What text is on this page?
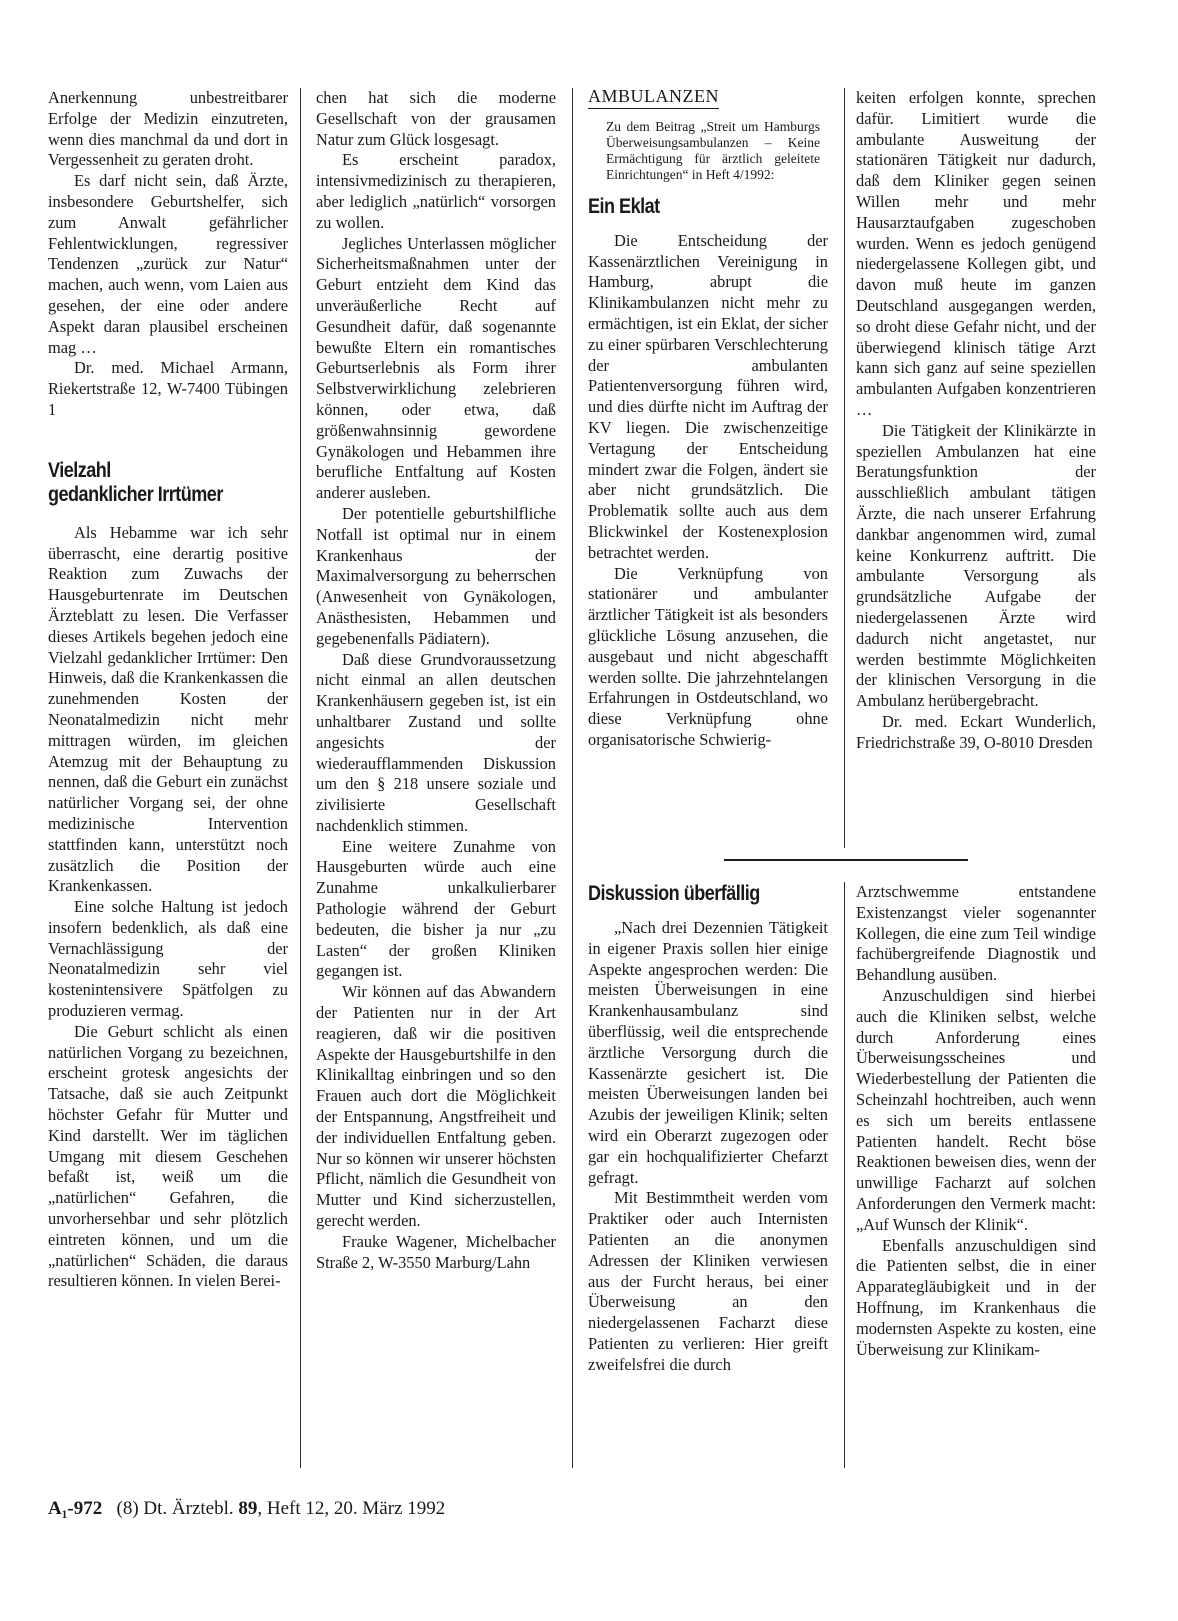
Anerkennung unbestreitbarer Erfolge der Medizin einzutreten, wenn dies manchmal da und dort in Vergessenheit zu geraten droht.

Es darf nicht sein, daß Ärzte, insbesondere Geburtshelfer, sich zum Anwalt gefährlicher Fehlentwicklungen, regressiver Tendenzen „zurück zur Natur“ machen, auch wenn, vom Laien aus gesehen, der eine oder andere Aspekt daran plausibel erscheinen mag …

Dr. med. Michael Armann, Riekertstraße 12, W-7400 Tübingen 1

Vielzahl
gedanklicher Irrtümer

Als Hebamme war ich sehr überrascht, eine derartig positive Reaktion zum Zuwachs der Hausgeburtenrate im Deutschen Ärzteblatt zu lesen. Die Verfasser dieses Artikels begehen jedoch eine Vielzahl gedanklicher Irrtümer: Den Hinweis, daß die Krankenkassen die zunehmenden Kosten der Neonatalmedizin nicht mehr mittragen würden, im gleichen Atemzug mit der Behauptung zu nennen, daß die Geburt ein zunächst natürlicher Vorgang sei, der ohne medizinische Intervention stattfinden kann, unterstützt noch zusätzlich die Position der Krankenkassen.

Eine solche Haltung ist jedoch insofern bedenklich, als daß eine Vernachlässigung der Neonatalmedizin sehr viel kostenintensivere Spätfolgen zu produzieren vermag.

Die Geburt schlicht als einen natürlichen Vorgang zu bezeichnen, erscheint grotesk angesichts der Tatsache, daß sie auch Zeitpunkt höchster Gefahr für Mutter und Kind darstellt. Wer im täglichen Umgang mit diesem Geschehen befaßt ist, weiß um die „natürlichen“ Gefahren, die unvorhersehbar und sehr plötzlich eintreten können, und um die „natürlichen“ Schäden, die daraus resultieren können. In vielen Berei-

chen hat sich die moderne Gesellschaft von der grausamen Natur zum Glück losgesagt.

Es erscheint paradox, intensivmedizinisch zu therapieren, aber lediglich „natürlich“ vorsorgen zu wollen.

Jegliches Unterlassen möglicher Sicherheitsmaßnahmen unter der Geburt entzieht dem Kind das unveräußerliche Recht auf Gesundheit dafür, daß sogenannte bewußte Eltern ein romantisches Geburtserlebnis als Form ihrer Selbstverwirklichung zelebrieren können, oder etwa, daß größenwahnsinnig gewordene Gynäkologen und Hebammen ihre berufliche Entfaltung auf Kosten anderer ausleben.

Der potentielle geburtshilfliche Notfall ist optimal nur in einem Krankenhaus der Maximalversorgung zu beherrschen (Anwesenheit von Gynäkologen, Anästhesisten, Hebammen und gegebenenfalls Pädiatern).

Daß diese Grundvoraussetzung nicht einmal an allen deutschen Krankenhäusern gegeben ist, ist ein unhaltbarer Zustand und sollte angesichts der wiederaufflammenden Diskussion um den § 218 unsere soziale und zivilisierte Gesellschaft nachdenklich stimmen.

Eine weitere Zunahme von Hausgeburten würde auch eine Zunahme unkalkulierbarer Pathologie während der Geburt bedeuten, die bisher ja nur „zu Lasten“ der großen Kliniken gegangen ist.

Wir können auf das Abwandern der Patienten nur in der Art reagieren, daß wir die positiven Aspekte der Hausgeburtshilfe in den Klinikalltag einbringen und so den Frauen auch dort die Möglichkeit der Entspannung, Angstfreiheit und der individuellen Entfaltung geben. Nur so können wir unserer höchsten Pflicht, nämlich die Gesundheit von Mutter und Kind sicherzustellen, gerecht werden.

Frauke Wagener, Michelbacher Straße 2, W-3550 Marburg/Lahn

AMBULANZEN
Zu dem Beitrag „Streit um Hamburgs Überweisungsambulanzen – Keine Ermächtigung für ärztlich geleitete Einrichtungen“ in Heft 4/1992:
Ein Eklat

Die Entscheidung der Kassenärztlichen Vereinigung in Hamburg, abrupt die Klinikambulanzen nicht mehr zu ermächtigen, ist ein Eklat, der sicher zu einer spürbaren Verschlechterung der ambulanten Patientenversorgung führen wird, und dies dürfte nicht im Auftrag der KV liegen. Die zwischenzeitige Vertagung der Entscheidung mindert zwar die Folgen, ändert sie aber nicht grundsätzlich. Die Problematik sollte auch aus dem Blickwinkel der Kostenexplosion betrachtet werden.

Die Verknüpfung von stationärer und ambulanter ärztlicher Tätigkeit ist als besonders glückliche Lösung anzusehen, die ausgebaut und nicht abgeschafft werden sollte. Die jahrzehntelangen Erfahrungen in Ostdeutschland, wo diese Verknüpfung ohne organisatorische Schwierig-

keiten erfolgen konnte, sprechen dafür. Limitiert wurde die ambulante Ausweitung der stationären Tätigkeit nur dadurch, daß dem Kliniker gegen seinen Willen mehr und mehr Hausarztaufgaben zugeschoben wurden. Wenn es jedoch genügend niedergelassene Kollegen gibt, und davon muß heute im ganzen Deutschland ausgegangen werden, so droht diese Gefahr nicht, und der überwiegend klinisch tätige Arzt kann sich ganz auf seine speziellen ambulanten Aufgaben konzentrieren …

Die Tätigkeit der Klinikärzte in speziellen Ambulanzen hat eine Beratungsfunktion der ausschließlich ambulant tätigen Ärzte, die nach unserer Erfahrung dankbar angenommen wird, zumal keine Konkurrenz auftritt. Die ambulante Versorgung als grundsätzliche Aufgabe der niedergelassenen Ärzte wird dadurch nicht angetastet, nur werden bestimmte Möglichkeiten der klinischen Versorgung in die Ambulanz herübergebracht.

Dr. med. Eckart Wunderlich, Friedrichstraße 39, O-8010 Dresden

Diskussion überfällig

„Nach drei Dezennien Tätigkeit in eigener Praxis sollen hier einige Aspekte angesprochen werden: Die meisten Überweisungen in eine Krankenhausambulanz sind überflüssig, weil die entsprechende ärztliche Versorgung durch die Kassenärzte gesichert ist. Die meisten Überweisungen landen bei Azubis der jeweiligen Klinik; selten wird ein Oberarzt zugezogen oder gar ein hochqualifizierter Chefarzt gefragt.

Mit Bestimmtheit werden vom Praktiker oder auch Internisten Patienten an die anonymen Adressen der Kliniken verwiesen aus der Furcht heraus, bei einer Überweisung an den niedergelassenen Facharzt diese Patienten zu verlieren: Hier greift zweifelsfrei die durch

Arztschwemme entstandene Existenzangst vieler sogenannter Kollegen, die eine zum Teil windige fachübergreifende Diagnostik und Behandlung ausüben.

Anzuschuldigen sind hierbei auch die Kliniken selbst, welche durch Anforderung eines Überweisungsscheines und Wiederbestellung der Patienten die Scheinzahl hochtreiben, auch wenn es sich um bereits entlassene Patienten handelt. Recht böse Reaktionen beweisen dies, wenn der unwillige Facharzt auf solchen Anforderungen den Vermerk macht: „Auf Wunsch der Klinik“.

Ebenfalls anzuschuldigen sind die Patienten selbst, die in einer Apparategläubigkeit und in der Hoffnung, im Krankenhaus die modernsten Aspekte zu kosten, eine Überweisung zur Klinikam-

A₁-972 (8) Dt. Ärztebl. 89, Heft 12, 20. März 1992
